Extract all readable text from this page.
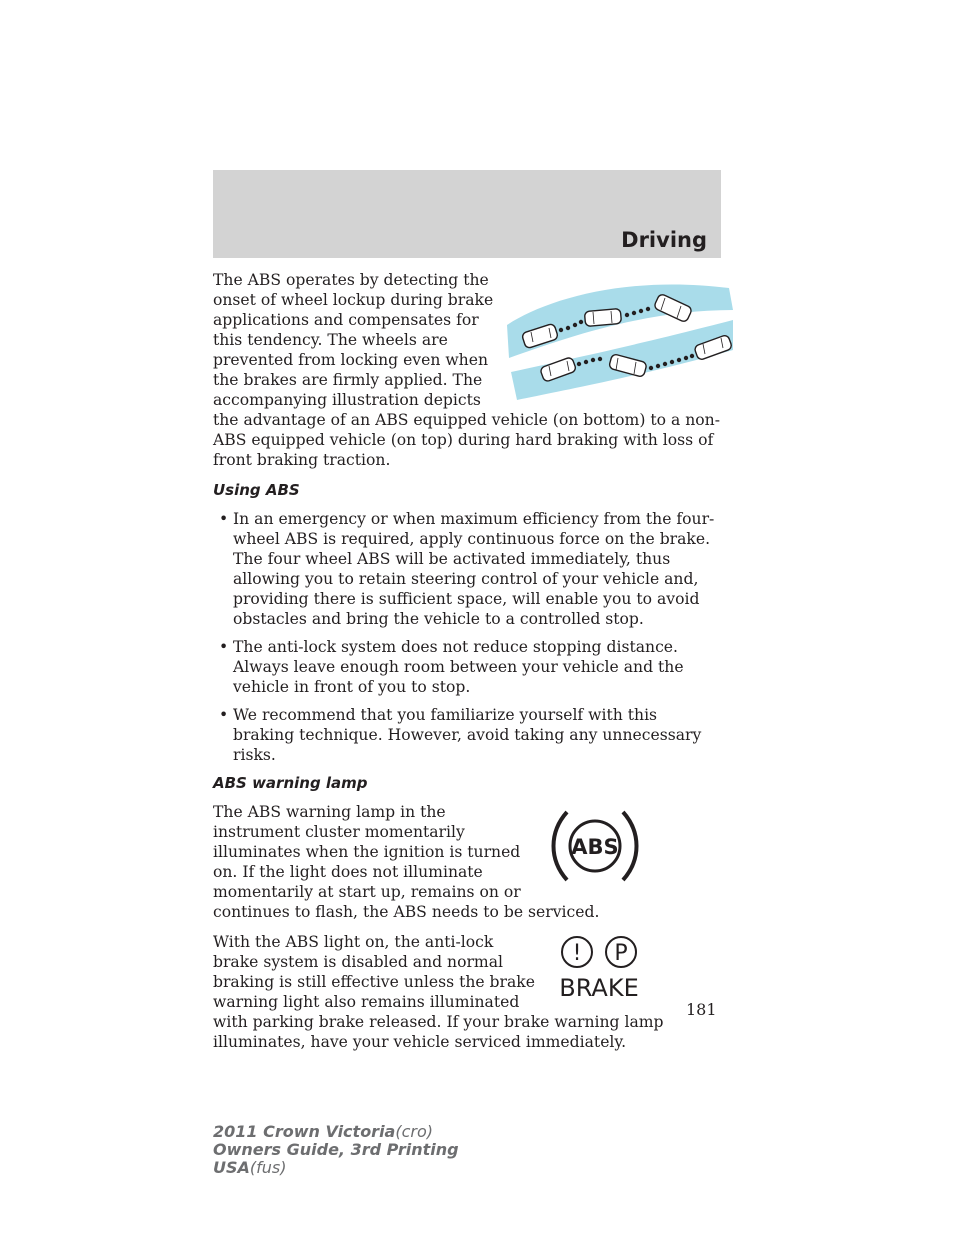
Driving

The ABS operates by detecting the onset of wheel lockup during brake applications and compensates for this tendency. The wheels are prevented from locking even when the brakes are firmly applied. The accompanying illustration depicts the advantage of an ABS equipped vehicle (on bottom) to a non-ABS equipped vehicle (on top) during hard braking with loss of front braking traction.

Using ABS
• In an emergency or when maximum efficiency from the four-wheel ABS is required, apply continuous force on the brake. The four wheel ABS will be activated immediately, thus allowing you to retain steering control of your vehicle and, providing there is sufficient space, will enable you to avoid obstacles and bring the vehicle to a controlled stop.
• The anti-lock system does not reduce stopping distance. Always leave enough room between your vehicle and the vehicle in front of you to stop.
• We recommend that you familiarize yourself with this braking technique. However, avoid taking any unnecessary risks.
ABS warning lamp
ABS

The ABS warning lamp in the instrument cluster momentarily illuminates when the ignition is turned on. If the light does not illuminate momentarily at start up, remains on or continues to flash, the ABS needs to be serviced.

! P
BRAKE

With the ABS light on, the anti-lock brake system is disabled and normal braking is still effective unless the brake warning light also remains illuminated with parking brake released. If your brake warning lamp illuminates, have your vehicle serviced immediately.

181
2011 Crown Victoria(cro)
Owners Guide, 3rd Printing
USA(fus)
